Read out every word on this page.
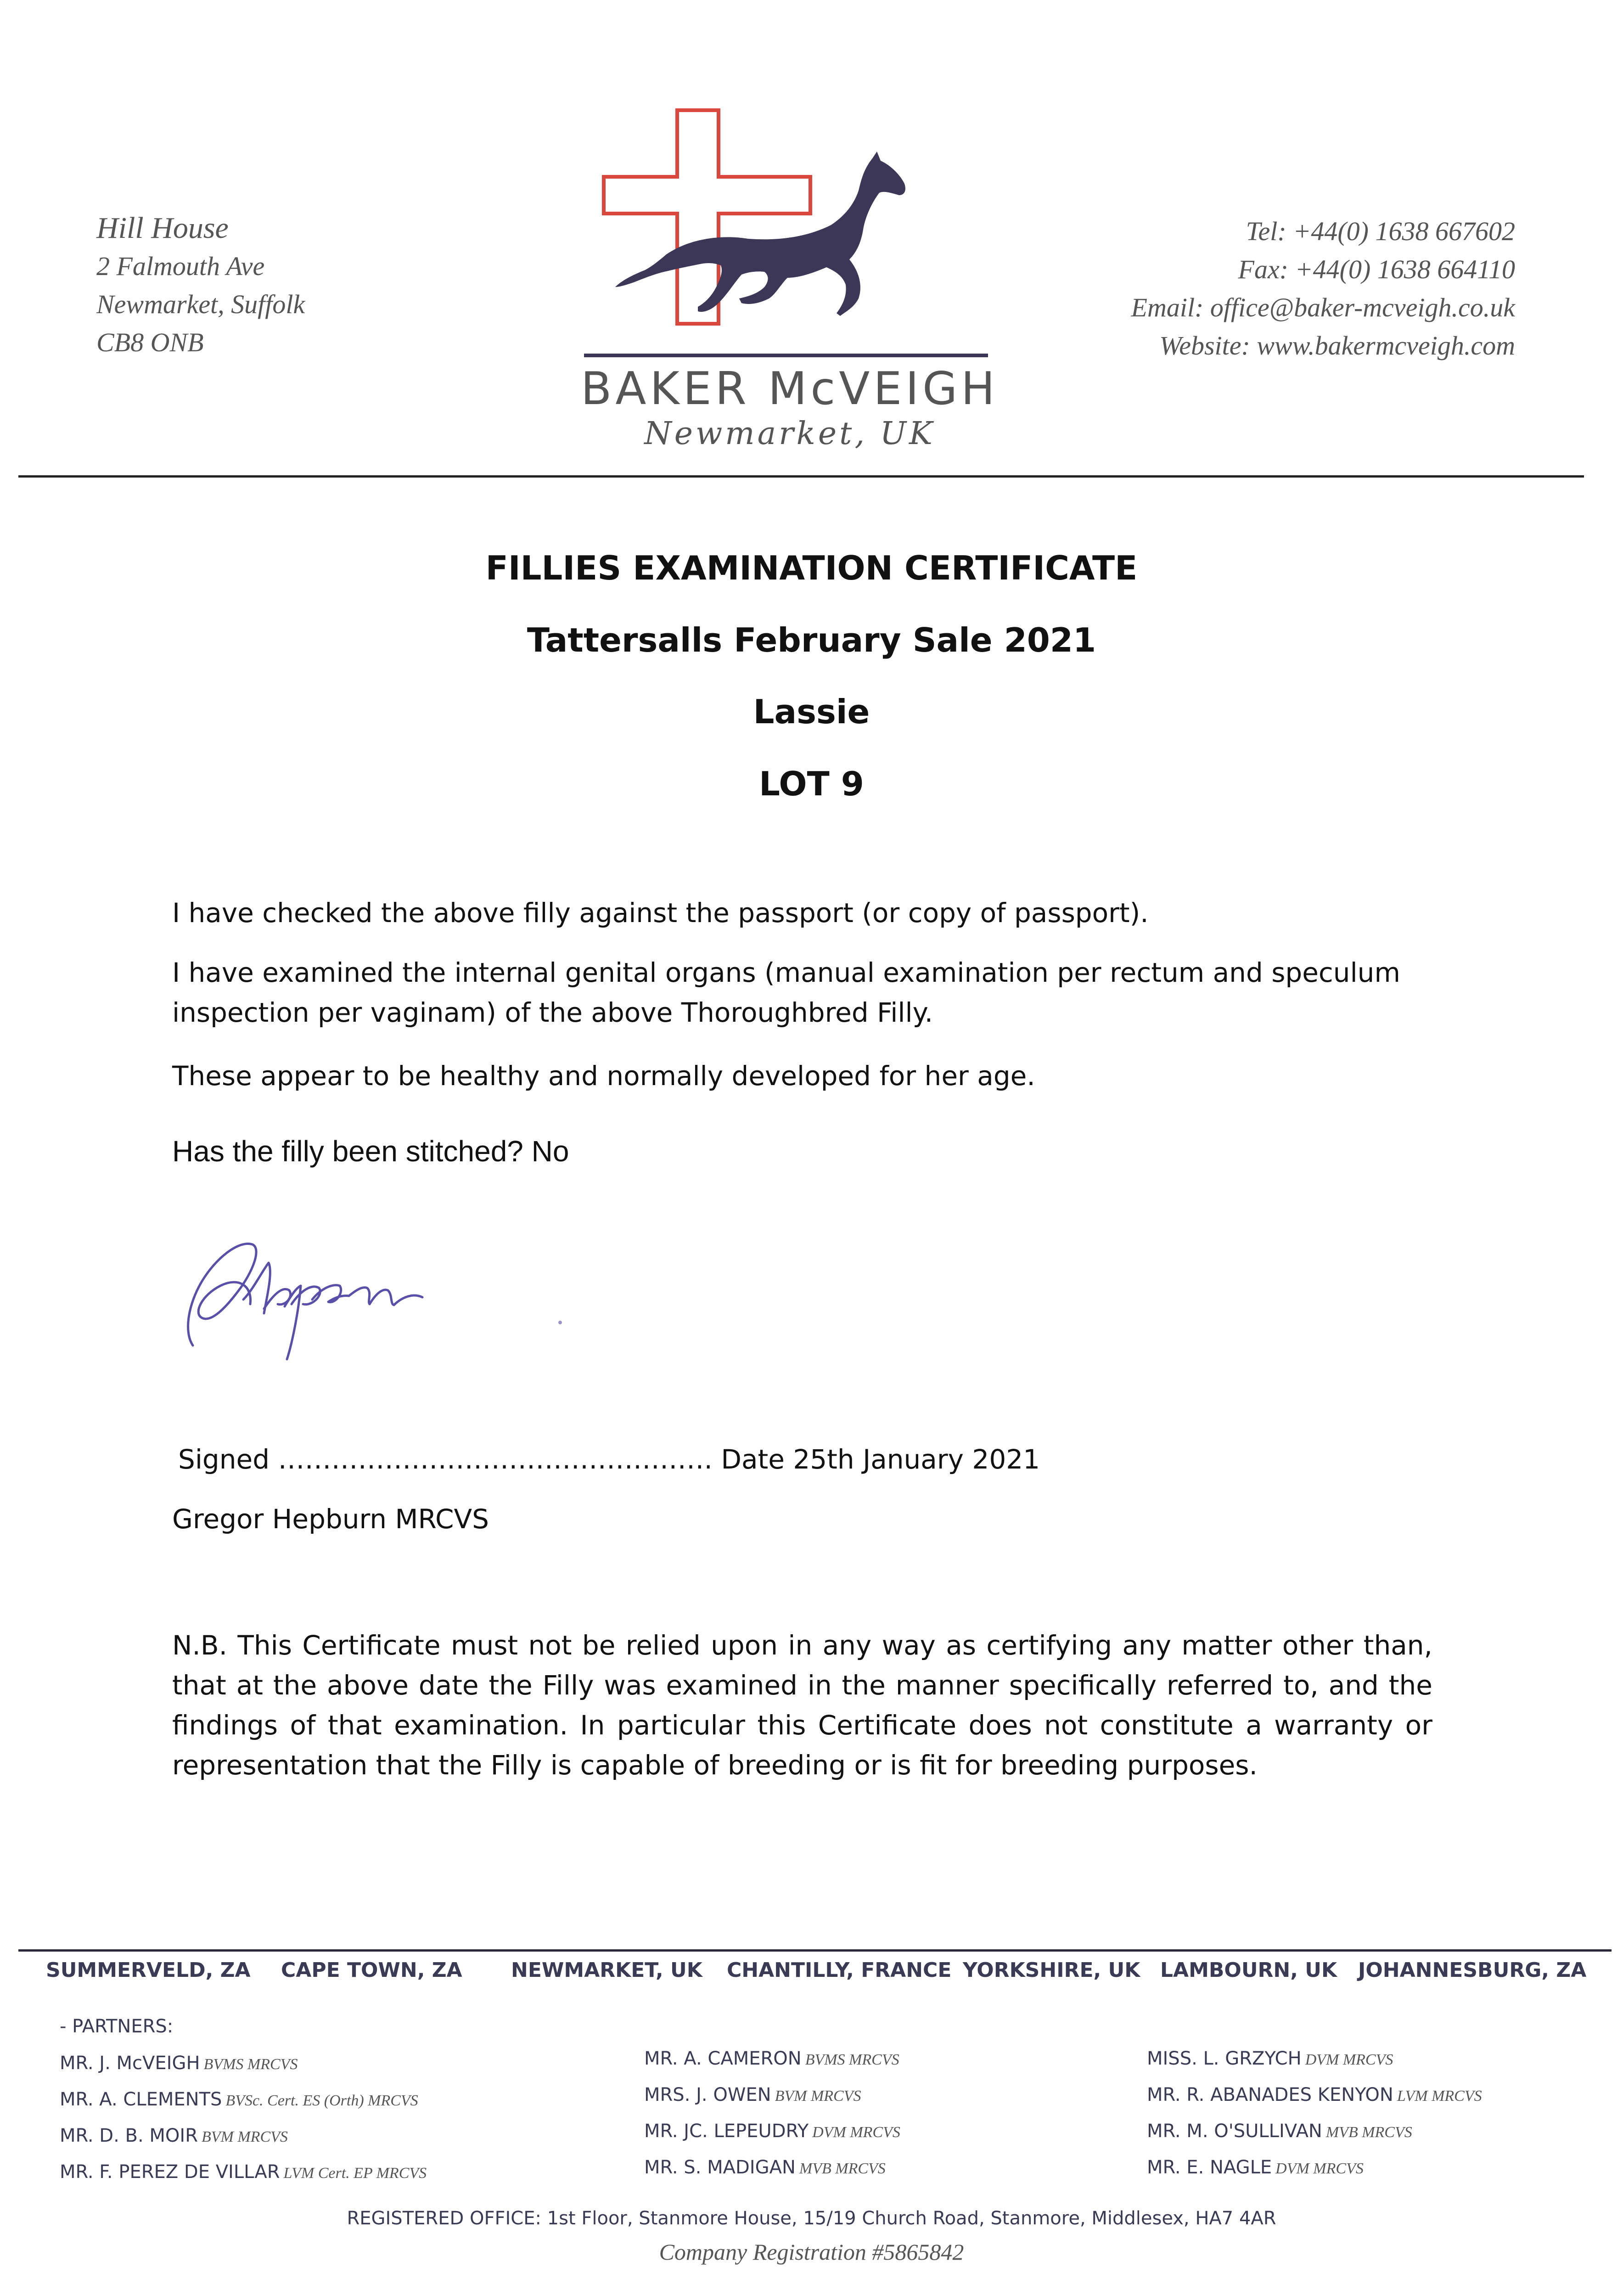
Hill House
2 Falmouth Ave
Newmarket, Suffolk
CB8 ONB
BAKER McVEIGH
Newmarket, UK
Tel: +44(0) 1638 667602
Fax: +44(0) 1638 664110
Email: office@baker-mcveigh.co.uk
Website: www.bakermcveigh.com
FILLIES EXAMINATION CERTIFICATE
Tattersalls February Sale 2021
Lassie
LOT 9
I have checked the above filly against the passport (or copy of passport).
I have examined the internal genital organs (manual examination per rectum and speculum inspection per vaginam) of the above Thoroughbred Filly.
These appear to be healthy and normally developed for her age.
Has the filly been stitched? No
Signed …………………………………………. Date 25th January 2021
Gregor Hepburn MRCVS
N.B. This Certificate must not be relied upon in any way as certifying any matter other than, that at the above date the Filly was examined in the manner specifically referred to, and the findings of that examination. In particular this Certificate does not constitute a warranty or representation that the Filly is capable of breeding or is fit for breeding purposes.
SUMMERVELD, ZA CAPE TOWN, ZA NEWMARKET, UK CHANTILLY, FRANCE YORKSHIRE, UK LAMBOURN, UK JOHANNESBURG, ZA
- PARTNERS:
MR. J. McVEIGH BVMS MRCVS
MR. A. CLEMENTS BVSc. Cert. ES (Orth) MRCVS
MR. D. B. MOIR BVM MRCVS
MR. F. PEREZ DE VILLAR LVM Cert. EP MRCVS
MR. A. CAMERON BVMS MRCVS
MRS. J. OWEN BVM MRCVS
MR. JC. LEPEUDRY DVM MRCVS
MR. S. MADIGAN MVB MRCVS
MISS. L. GRZYCH DVM MRCVS
MR. R. ABANADES KENYON LVM MRCVS
MR. M. O'SULLIVAN MVB MRCVS
MR. E. NAGLE DVM MRCVS
REGISTERED OFFICE: 1st Floor, Stanmore House, 15/19 Church Road, Stanmore, Middlesex, HA7 4AR
Company Registration #5865842
